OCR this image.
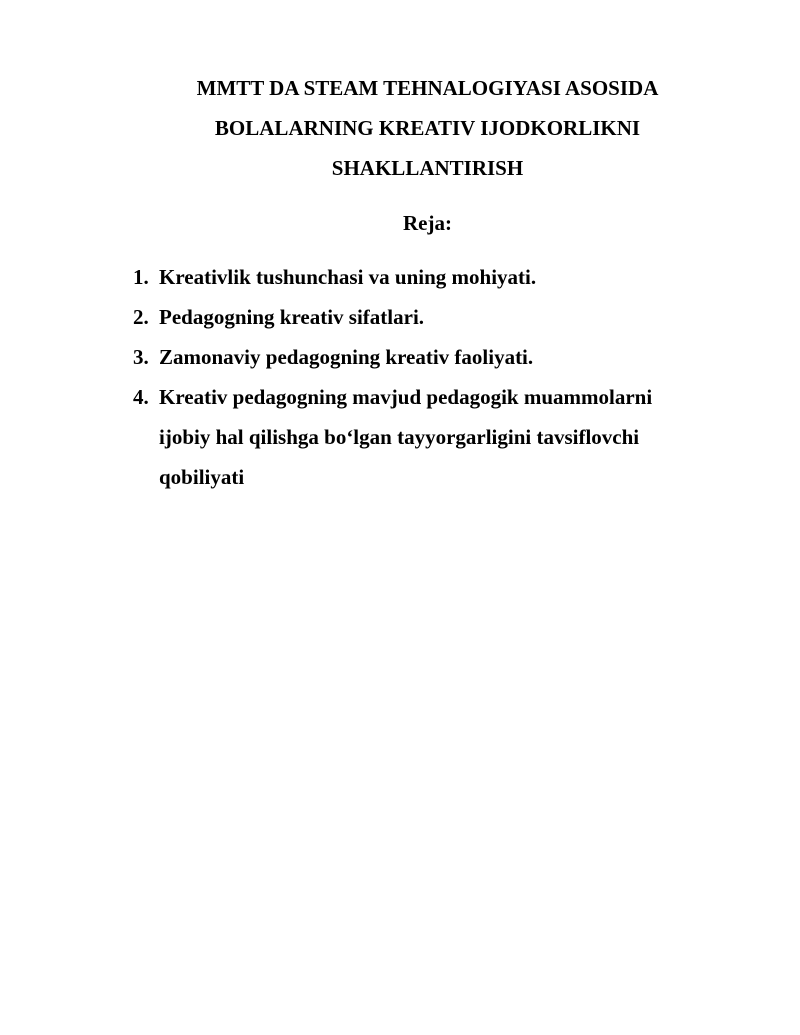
MMTT DA STEAM TEHNALOGIYASI ASOSIDA
BOLALARNING KREATIV IJODKORLIKNI
SHAKLLANTIRISH
Reja:
1. Kreativlik tushunchasi va uning mohiyati.
2. Pedagogning kreativ sifatlari.
3. Zamonaviy pedagogning kreativ faoliyati.
4. Kreativ pedagogning mavjud pedagogik muammolarni
ijobiy hal qilishga bo‘lgan tayyorgarligini tavsiflovchi
qobiliyati
